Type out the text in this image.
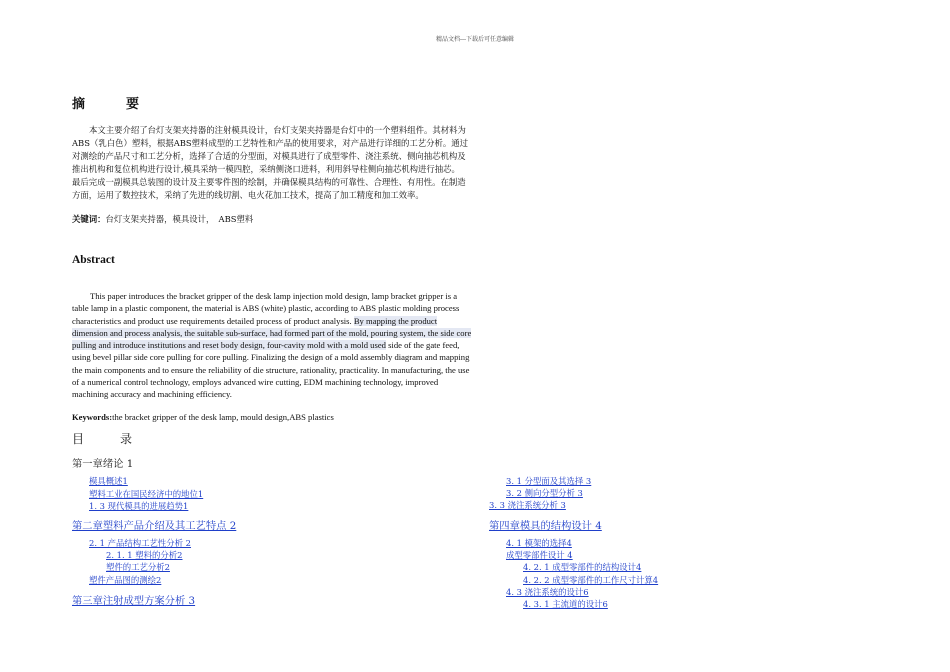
精品文档---下载后可任意编辑
摘　要

本文主要介绍了台灯支架夹持器的注射模具设计，台灯支架夹持器是台灯中的一个塑料组件。其材料为ABS（乳白色）塑料，根据ABS塑料成型的工艺特性和产品的使用要求，对产品进行详细的工艺分析。通过对测绘的产品尺寸和工艺分析，选择了合适的分型面，对模具进行了成型零件、浇注系统、侧向抽芯机构及推出机构和复位机构进行设计,模具采纳一模四腔，采纳侧浇口进料，利用斜导柱侧向抽芯机构进行抽芯。最后完成一副模具总装图的设计及主要零件图的绘制，并确保模具结构的可靠性、合理性、有用性。在制造方面，运用了数控技术，采纳了先进的线切割、电火花加工技术，提高了加工精度和加工效率。

关键词：台灯支架夹持器，模具设计，　ABS塑料
Abstract

This paper introduces the bracket gripper of the desk lamp injection mold design, lamp bracket gripper is a table lamp in a plastic component, the material is ABS (white) plastic, according to ABS plastic molding process characteristics and product use requirements detailed process of product analysis. By mapping the product dimension and process analysis, the suitable sub-surface, had formed part of the mold, pouring system, the side core pulling and introduce institutions and reset body design, four-cavity mold with a mold used side of the gate feed, using bevel pillar side core pulling for core pulling. Finalizing the design of a mold assembly diagram and mapping the main components and to ensure the reliability of die structure, rationality, practicality. In manufacturing, the use of a numerical control technology, employs advanced wire cutting, EDM machining technology, improved machining accuracy and machining efficiency.

Keywords:the bracket gripper of the desk lamp, mould design,ABS plastics
目　录
第一章绪论 1
模具概述1
塑料工业在国民经济中的地位1
1. 3 现代模具的进展趋势1
第二章塑料产品介绍及其工艺特点 2
2. 1 产品结构工艺性分析 2
2. 1. 1 塑料的分析2
塑件的工艺分析2
塑件产品图的测绘2
第三章注射成型方案分析 3
3. 1 分型面及其选择 3
3. 2 侧向分型分析 3
3. 3 浇注系统分析 3
第四章模具的结构设计 4
4. 1 模架的选择4
成型零部件设计 4
4. 2. 1 成型零部件的结构设计4
4. 2. 2 成型零部件的工作尺寸计算4
4. 3 浇注系统的设计6
4. 3. 1 主流道的设计6
